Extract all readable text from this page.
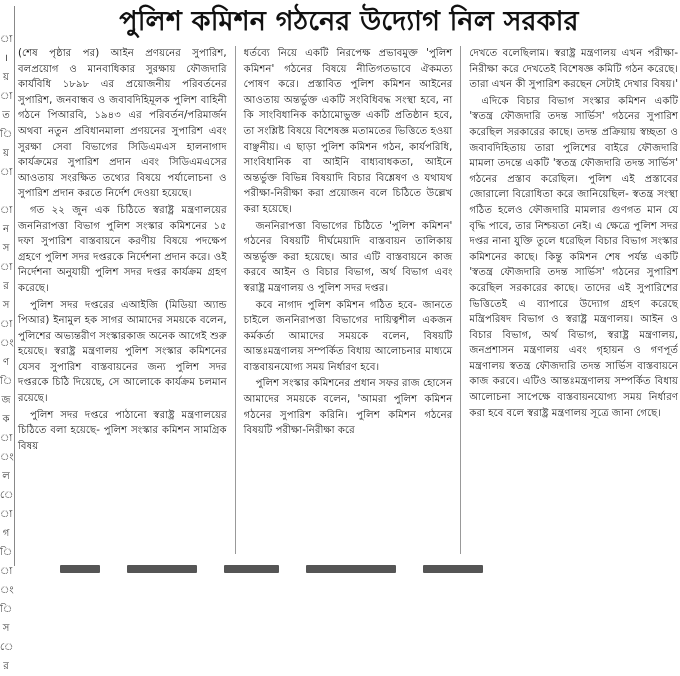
া
।
য়
া
ত
ি
য়
া

া
ন
স
া
র
স
া
ং
ণ
ি
জ
ক
া
ং
ল
ে
া
গ
ি
া
ং
ি
স
ে
র
পুলিশ কমিশন গঠনের উদ্যোগ নিল সরকার

(শেষ পৃষ্ঠার পর) আইন প্রণয়নের সুপারিশ, বলপ্রয়োগ ও মানবাধিকার সুরক্ষায় ফৌজদারি কার্যবিধি ১৮৯৮ এর প্রয়োজনীয় পরিবর্তনের সুপারিশ, জনবান্ধব ও জবাবদিহিমূলক পুলিশ বাহিনী গঠনে পিআরবি, ১৯৪৩ এর পরিবর্তন/পরিমার্জন অথবা নতুন প্রবিধানমালা প্রণয়নের সুপারিশ এবং সুরক্ষা সেবা বিভাগের সিডিএমএস হালনাগাদ কার্যক্রমের সুপারিশ প্রদান এবং সিডিএমএসের আওতায় সংরক্ষিত তথ্যের বিষয়ে পর্যালোচনা ও সুপারিশ প্রদান করতে নির্দেশ দেওয়া হয়েছে।

গত ২২ জুন এক চিঠিতে স্বরাষ্ট্র মন্ত্রণালয়ের জননিরাপত্তা বিভাগ পুলিশ সংস্কার কমিশনের ১৫ দফা সুপারিশ বাস্তবায়নে করণীয় বিষয়ে পদক্ষেপ গ্রহণে পুলিশ সদর দপ্তরকে নির্দেশনা প্রদান করে। ওই নির্দেশনা অনুযায়ী পুলিশ সদর দপ্তর কার্যক্রম গ্রহণ করেছে।

পুলিশ সদর দপ্তরের এআইজি (মিডিয়া অ্যান্ড পিআর) ইনামুল হক সাগর আমাদের সময়কে বলেন, পুলিশের অভ্যন্তরীণ সংস্কারকাজ অনেক আগেই শুরু হয়েছে। স্বরাষ্ট্র মন্ত্রণালয় পুলিশ সংস্কার কমিশনের যেসব সুপারিশ বাস্তবায়নের জন্য পুলিশ সদর দপ্তরকে চিঠি দিয়েছে, সে আলোকে কার্যক্রম চলমান রয়েছে।

পুলিশ সদর দপ্তরে পাঠানো স্বরাষ্ট্র মন্ত্রণালয়ের চিঠিতে বলা হয়েছে- পুলিশ সংস্কার কমিশন সামগ্রিক বিষয়

ধর্তব্যে নিয়ে একটি নিরপেক্ষ প্রভাবমুক্ত 'পুলিশ কমিশন' গঠনের বিষয়ে নীতিগতভাবে ঐকমত্য পোষণ করে। প্রস্তাবিত পুলিশ কমিশন আইনের আওতায় অন্তর্ভুক্ত একটি সংবিধিবদ্ধ সংস্থা হবে, না কি সাংবিধানিক কাঠামোভুক্ত একটি প্রতিষ্ঠান হবে, তা সংশ্লিষ্ট বিষয়ে বিশেষজ্ঞ মতামতের ভিত্তিতে হওয়া বাঞ্ছনীয়। এ ছাড়া পুলিশ কমিশন গঠন, কার্যপরিধি, সাংবিধানিক বা আইনি বাধ্যবাধকতা, আইনে অন্তর্ভুক্ত বিভিন্ন বিষয়াদি বিচার বিশ্লেষণ ও যথাযথ পরীক্ষা-নিরীক্ষা করা প্রয়োজন বলে চিঠিতে উল্লেখ করা হয়েছে।

জননিরাপত্তা বিভাগের চিঠিতে 'পুলিশ কমিশন' গঠনের বিষয়টি দীর্ঘমেয়াদি বাস্তবায়ন তালিকায় অন্তর্ভুক্ত করা হয়েছে। আর এটি বাস্তবায়নে কাজ করবে আইন ও বিচার বিভাগ, অর্থ বিভাগ এবং স্বরাষ্ট্র মন্ত্রণালয় ও পুলিশ সদর দপ্তর।

কবে নাগাদ পুলিশ কমিশন গঠিত হবে- জানতে চাইলে জননিরাপত্তা বিভাগের দায়িত্বশীল একজন কর্মকর্তা আমাদের সময়কে বলেন, বিষয়টি আন্তঃমন্ত্রণালয় সম্পর্কিত বিধায় আলোচনার মাধ্যমে বাস্তবায়নযোগ্য সময় নির্ধারণ হবে।

পুলিশ সংস্কার কমিশনের প্রধান সফর রাজ হোসেন আমাদের সময়কে বলেন, 'আমরা পুলিশ কমিশন গঠনের সুপারিশ করিনি। পুলিশ কমিশন গঠনের বিষয়টি পরীক্ষা-নিরীক্ষা করে

দেখতে বলেছিলাম। স্বরাষ্ট্র মন্ত্রণালয় এখন পরীক্ষা-নিরীক্ষা করে দেখতেই বিশেষজ্ঞ কমিটি গঠন করেছে। তারা এখন কী সুপারিশ করছেন সেটাই দেখার বিষয়।'

এদিকে বিচার বিভাগ সংস্কার কমিশন একটি 'স্বতন্ত্র ফৌজদারি তদন্ত সার্ভিস' গঠনের সুপারিশ করেছিল সরকারের কাছে। তদন্ত প্রক্রিয়ায় স্বচ্ছতা ও জবাবদিহিতায় তারা পুলিশের বাইরে ফৌজদারি মামলা তদন্তে একটি 'স্বতন্ত্র ফৌজদারি তদন্ত সার্ভিস' গঠনের প্রস্তাব করেছিল। পুলিশ এই প্রস্তাবের জোরালো বিরোধিতা করে জানিয়েছিল- স্বতন্ত্র সংস্থা গঠিত হলেও ফৌজদারি মামলার গুণগত মান যে বৃদ্ধি পাবে, তার নিশ্চয়তা নেই। এ ক্ষেত্রে পুলিশ সদর দপ্তর নানা যুক্তি তুলে ধরেছিল বিচার বিভাগ সংস্কার কমিশনের কাছে। কিন্তু কমিশন শেষ পর্যন্ত একটি 'স্বতন্ত্র ফৌজদারি তদন্ত সার্ভিস' গঠনের সুপারিশ করেছিল সরকারের কাছে। তাদের এই সুপারিশের ভিত্তিতেই এ ব্যাপারে উদ্যোগ গ্রহণ করেছে মন্ত্রিপরিষদ বিভাগ ও স্বরাষ্ট্র মন্ত্রণালয়। আইন ও বিচার বিভাগ, অর্থ বিভাগ, স্বরাষ্ট্র মন্ত্রণালয়, জনপ্রশাসন মন্ত্রণালয় এবং গৃহায়ন ও গণপূর্ত মন্ত্রণালয় স্বতন্ত্র ফৌজদারি তদন্ত সার্ভিস বাস্তবায়নে কাজ করবে। এটিও আন্তঃমন্ত্রণালয় সম্পর্কিত বিধায় আলোচনা সাপেক্ষে বাস্তবায়নযোগ্য সময় নির্ধারণ করা হবে বলে স্বরাষ্ট্র মন্ত্রণালয় সূত্রে জানা গেছে।
